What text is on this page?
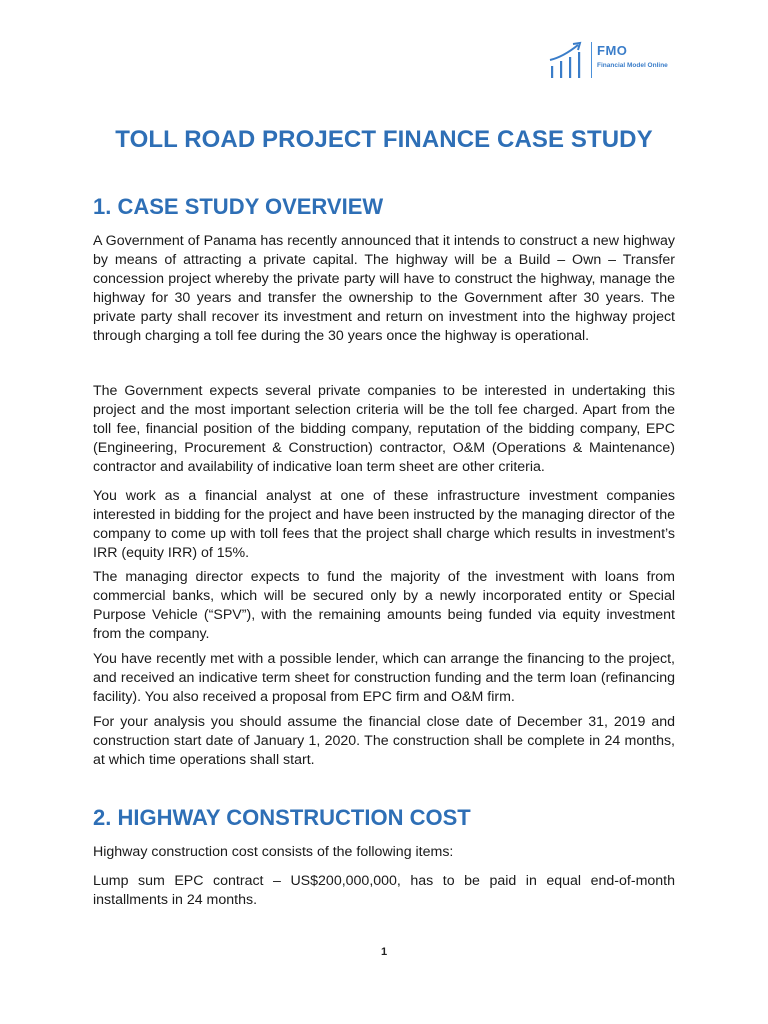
FMO
Financial Model Online
TOLL ROAD PROJECT FINANCE CASE STUDY
1. CASE STUDY OVERVIEW

A Government of Panama has recently announced that it intends to construct a new highway by means of attracting a private capital. The highway will be a Build – Own – Transfer concession project whereby the private party will have to construct the highway, manage the highway for 30 years and transfer the ownership to the Government after 30 years. The private party shall recover its investment and return on investment into the highway project through charging a toll fee during the 30 years once the highway is operational.

The Government expects several private companies to be interested in undertaking this project and the most important selection criteria will be the toll fee charged. Apart from the toll fee, financial position of the bidding company, reputation of the bidding company, EPC (Engineering, Procurement & Construction) contractor, O&M (Operations & Maintenance) contractor and availability of indicative loan term sheet are other criteria.

You work as a financial analyst at one of these infrastructure investment companies interested in bidding for the project and have been instructed by the managing director of the company to come up with toll fees that the project shall charge which results in investment’s IRR (equity IRR) of 15%.

The managing director expects to fund the majority of the investment with loans from commercial banks, which will be secured only by a newly incorporated entity or Special Purpose Vehicle (“SPV”), with the remaining amounts being funded via equity investment from the company.

You have recently met with a possible lender, which can arrange the financing to the project, and received an indicative term sheet for construction funding and the term loan (refinancing facility). You also received a proposal from EPC firm and O&M firm.

For your analysis you should assume the financial close date of December 31, 2019 and construction start date of January 1, 2020. The construction shall be complete in 24 months, at which time operations shall start.

2. HIGHWAY CONSTRUCTION COST

Highway construction cost consists of the following items:

Lump sum EPC contract – US$200,000,000, has to be paid in equal end-of-month installments in 24 months.

1
